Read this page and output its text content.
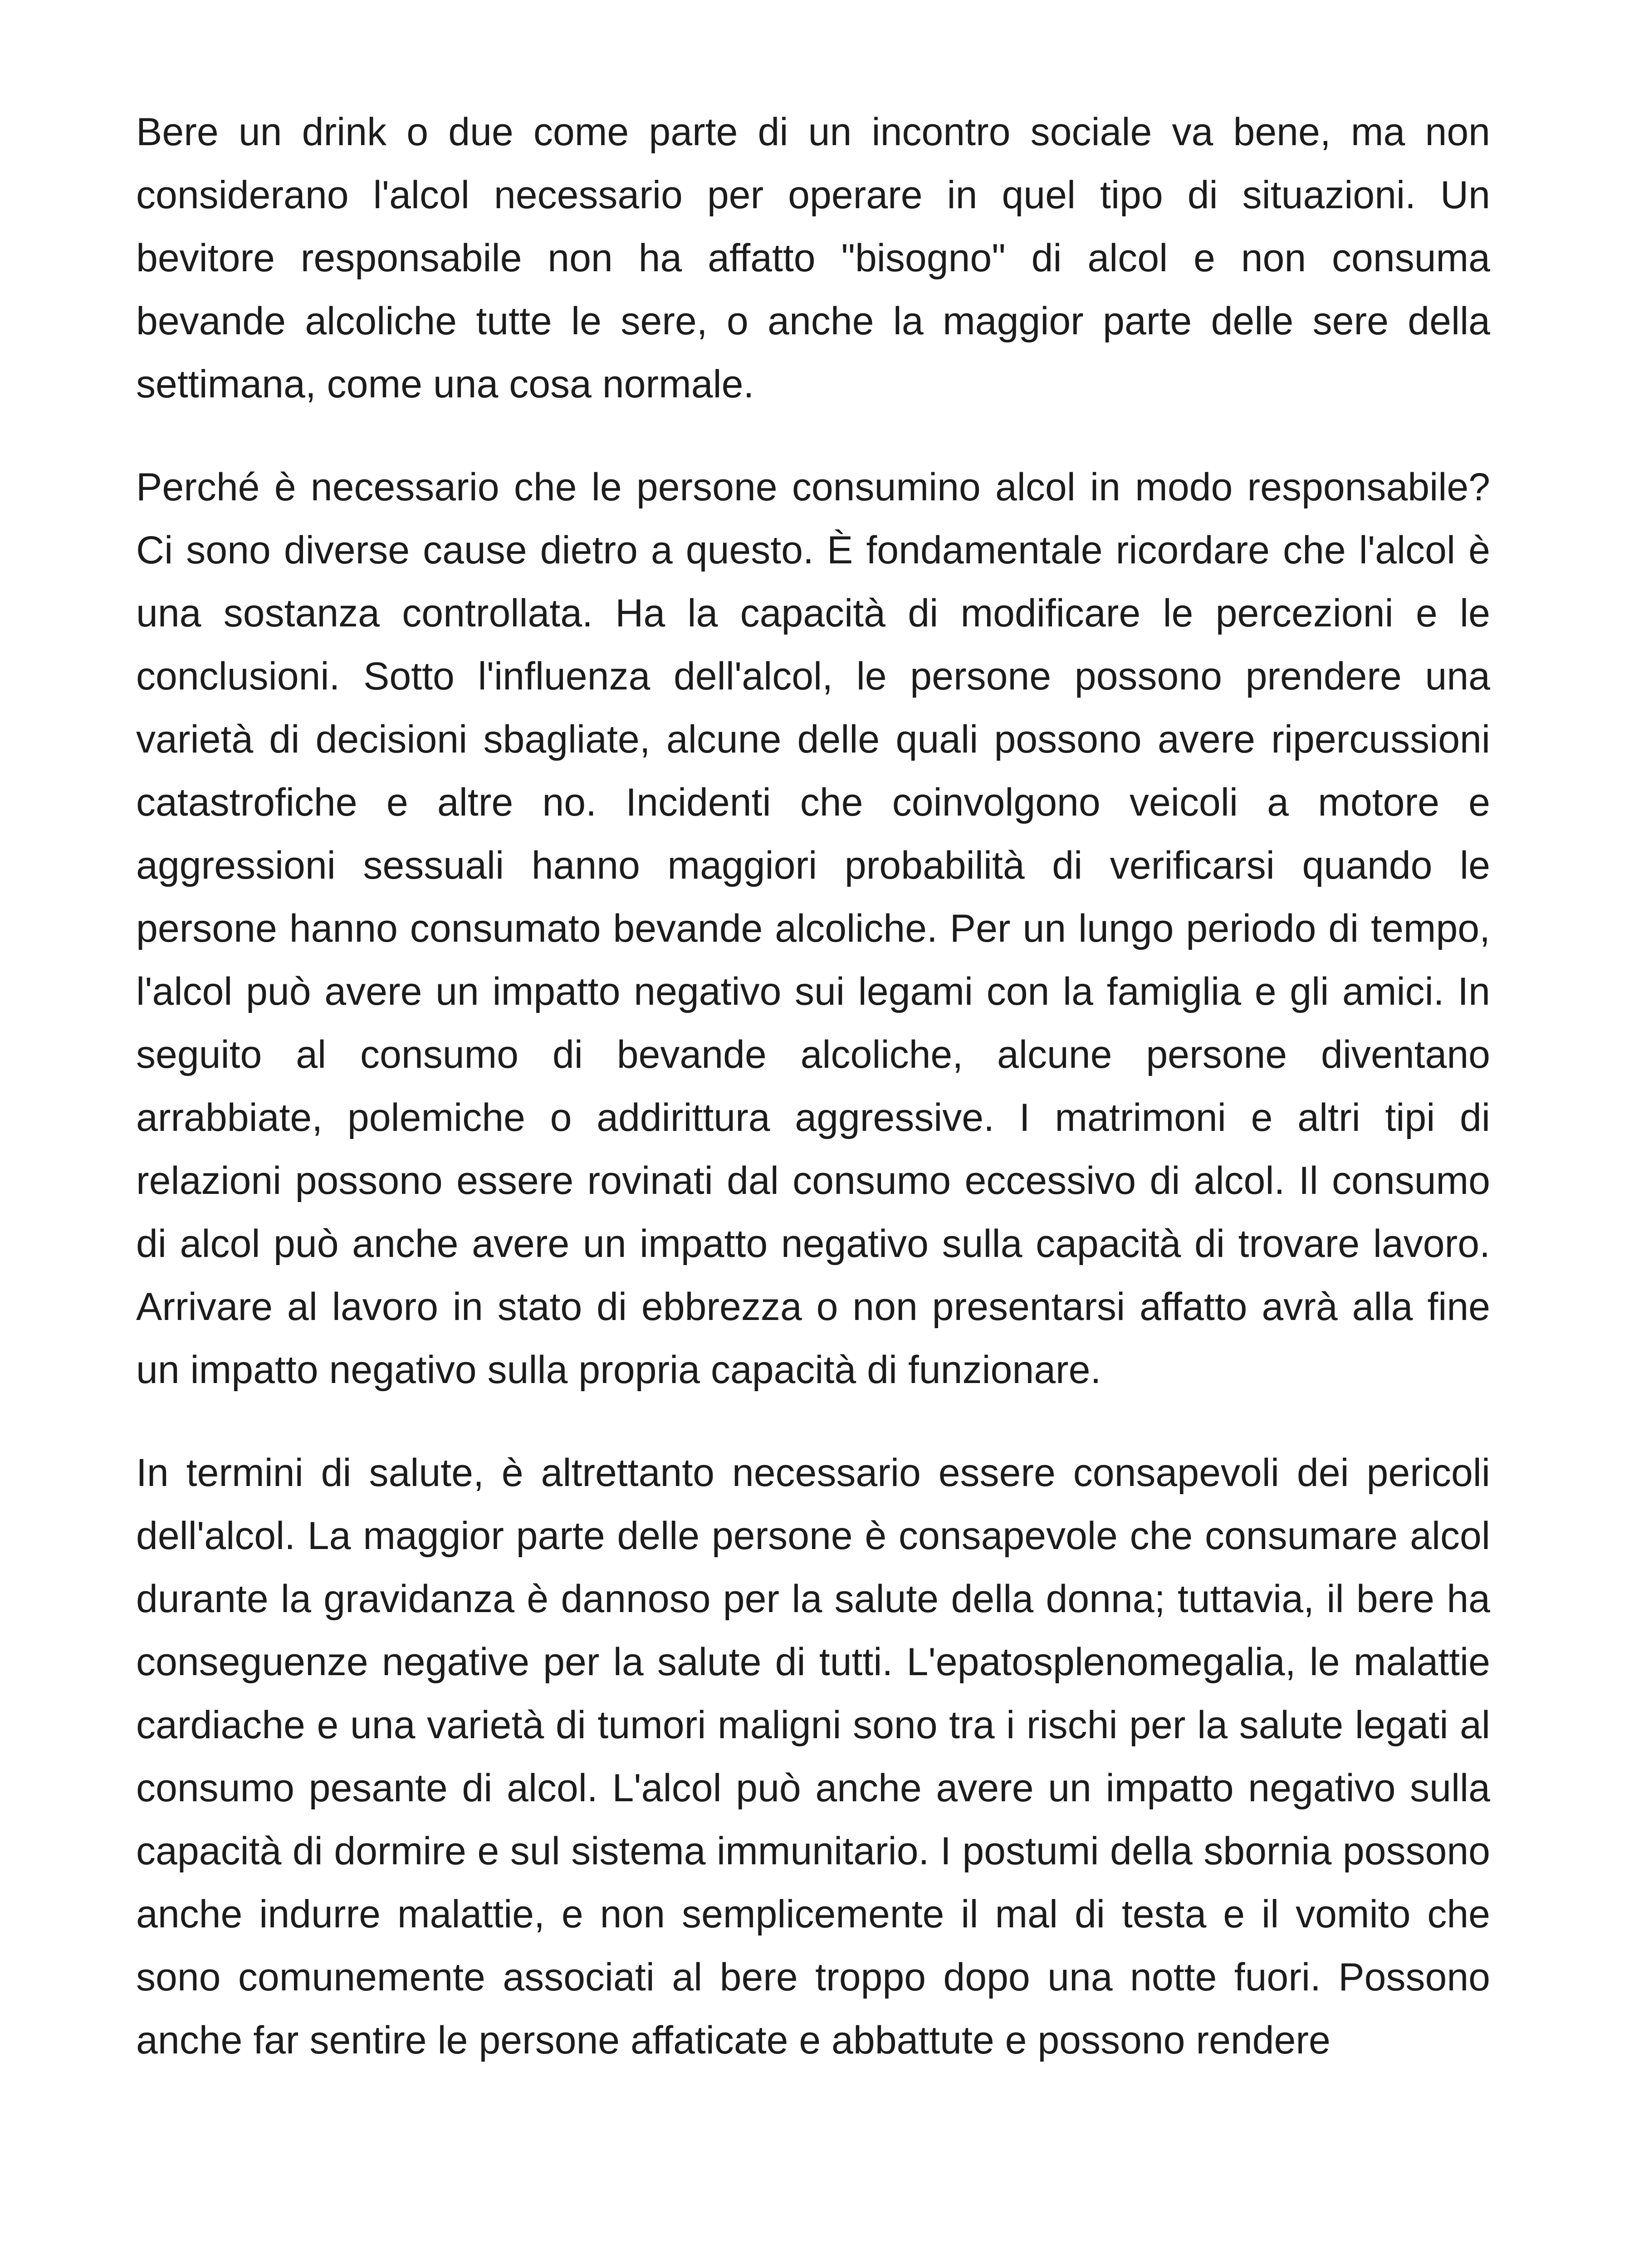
Bere un drink o due come parte di un incontro sociale va bene, ma non considerano l'alcol necessario per operare in quel tipo di situazioni. Un bevitore responsabile non ha affatto "bisogno" di alcol e non consuma bevande alcoliche tutte le sere, o anche la maggior parte delle sere della settimana, come una cosa normale.

Perché è necessario che le persone consumino alcol in modo responsabile? Ci sono diverse cause dietro a questo. È fondamentale ricordare che l'alcol è una sostanza controllata. Ha la capacità di modificare le percezioni e le conclusioni. Sotto l'influenza dell'alcol, le persone possono prendere una varietà di decisioni sbagliate, alcune delle quali possono avere ripercussioni catastrofiche e altre no. Incidenti che coinvolgono veicoli a motore e aggressioni sessuali hanno maggiori probabilità di verificarsi quando le persone hanno consumato bevande alcoliche. Per un lungo periodo di tempo, l'alcol può avere un impatto negativo sui legami con la famiglia e gli amici. In seguito al consumo di bevande alcoliche, alcune persone diventano arrabbiate, polemiche o addirittura aggressive. I matrimoni e altri tipi di relazioni possono essere rovinati dal consumo eccessivo di alcol. Il consumo di alcol può anche avere un impatto negativo sulla capacità di trovare lavoro. Arrivare al lavoro in stato di ebbrezza o non presentarsi affatto avrà alla fine un impatto negativo sulla propria capacità di funzionare.

In termini di salute, è altrettanto necessario essere consapevoli dei pericoli dell'alcol. La maggior parte delle persone è consapevole che consumare alcol durante la gravidanza è dannoso per la salute della donna; tuttavia, il bere ha conseguenze negative per la salute di tutti. L'epatosplenomegalia, le malattie cardiache e una varietà di tumori maligni sono tra i rischi per la salute legati al consumo pesante di alcol. L'alcol può anche avere un impatto negativo sulla capacità di dormire e sul sistema immunitario. I postumi della sbornia possono anche indurre malattie, e non semplicemente il mal di testa e il vomito che sono comunemente associati al bere troppo dopo una notte fuori. Possono anche far sentire le persone affaticate e abbattute e possono rendere
